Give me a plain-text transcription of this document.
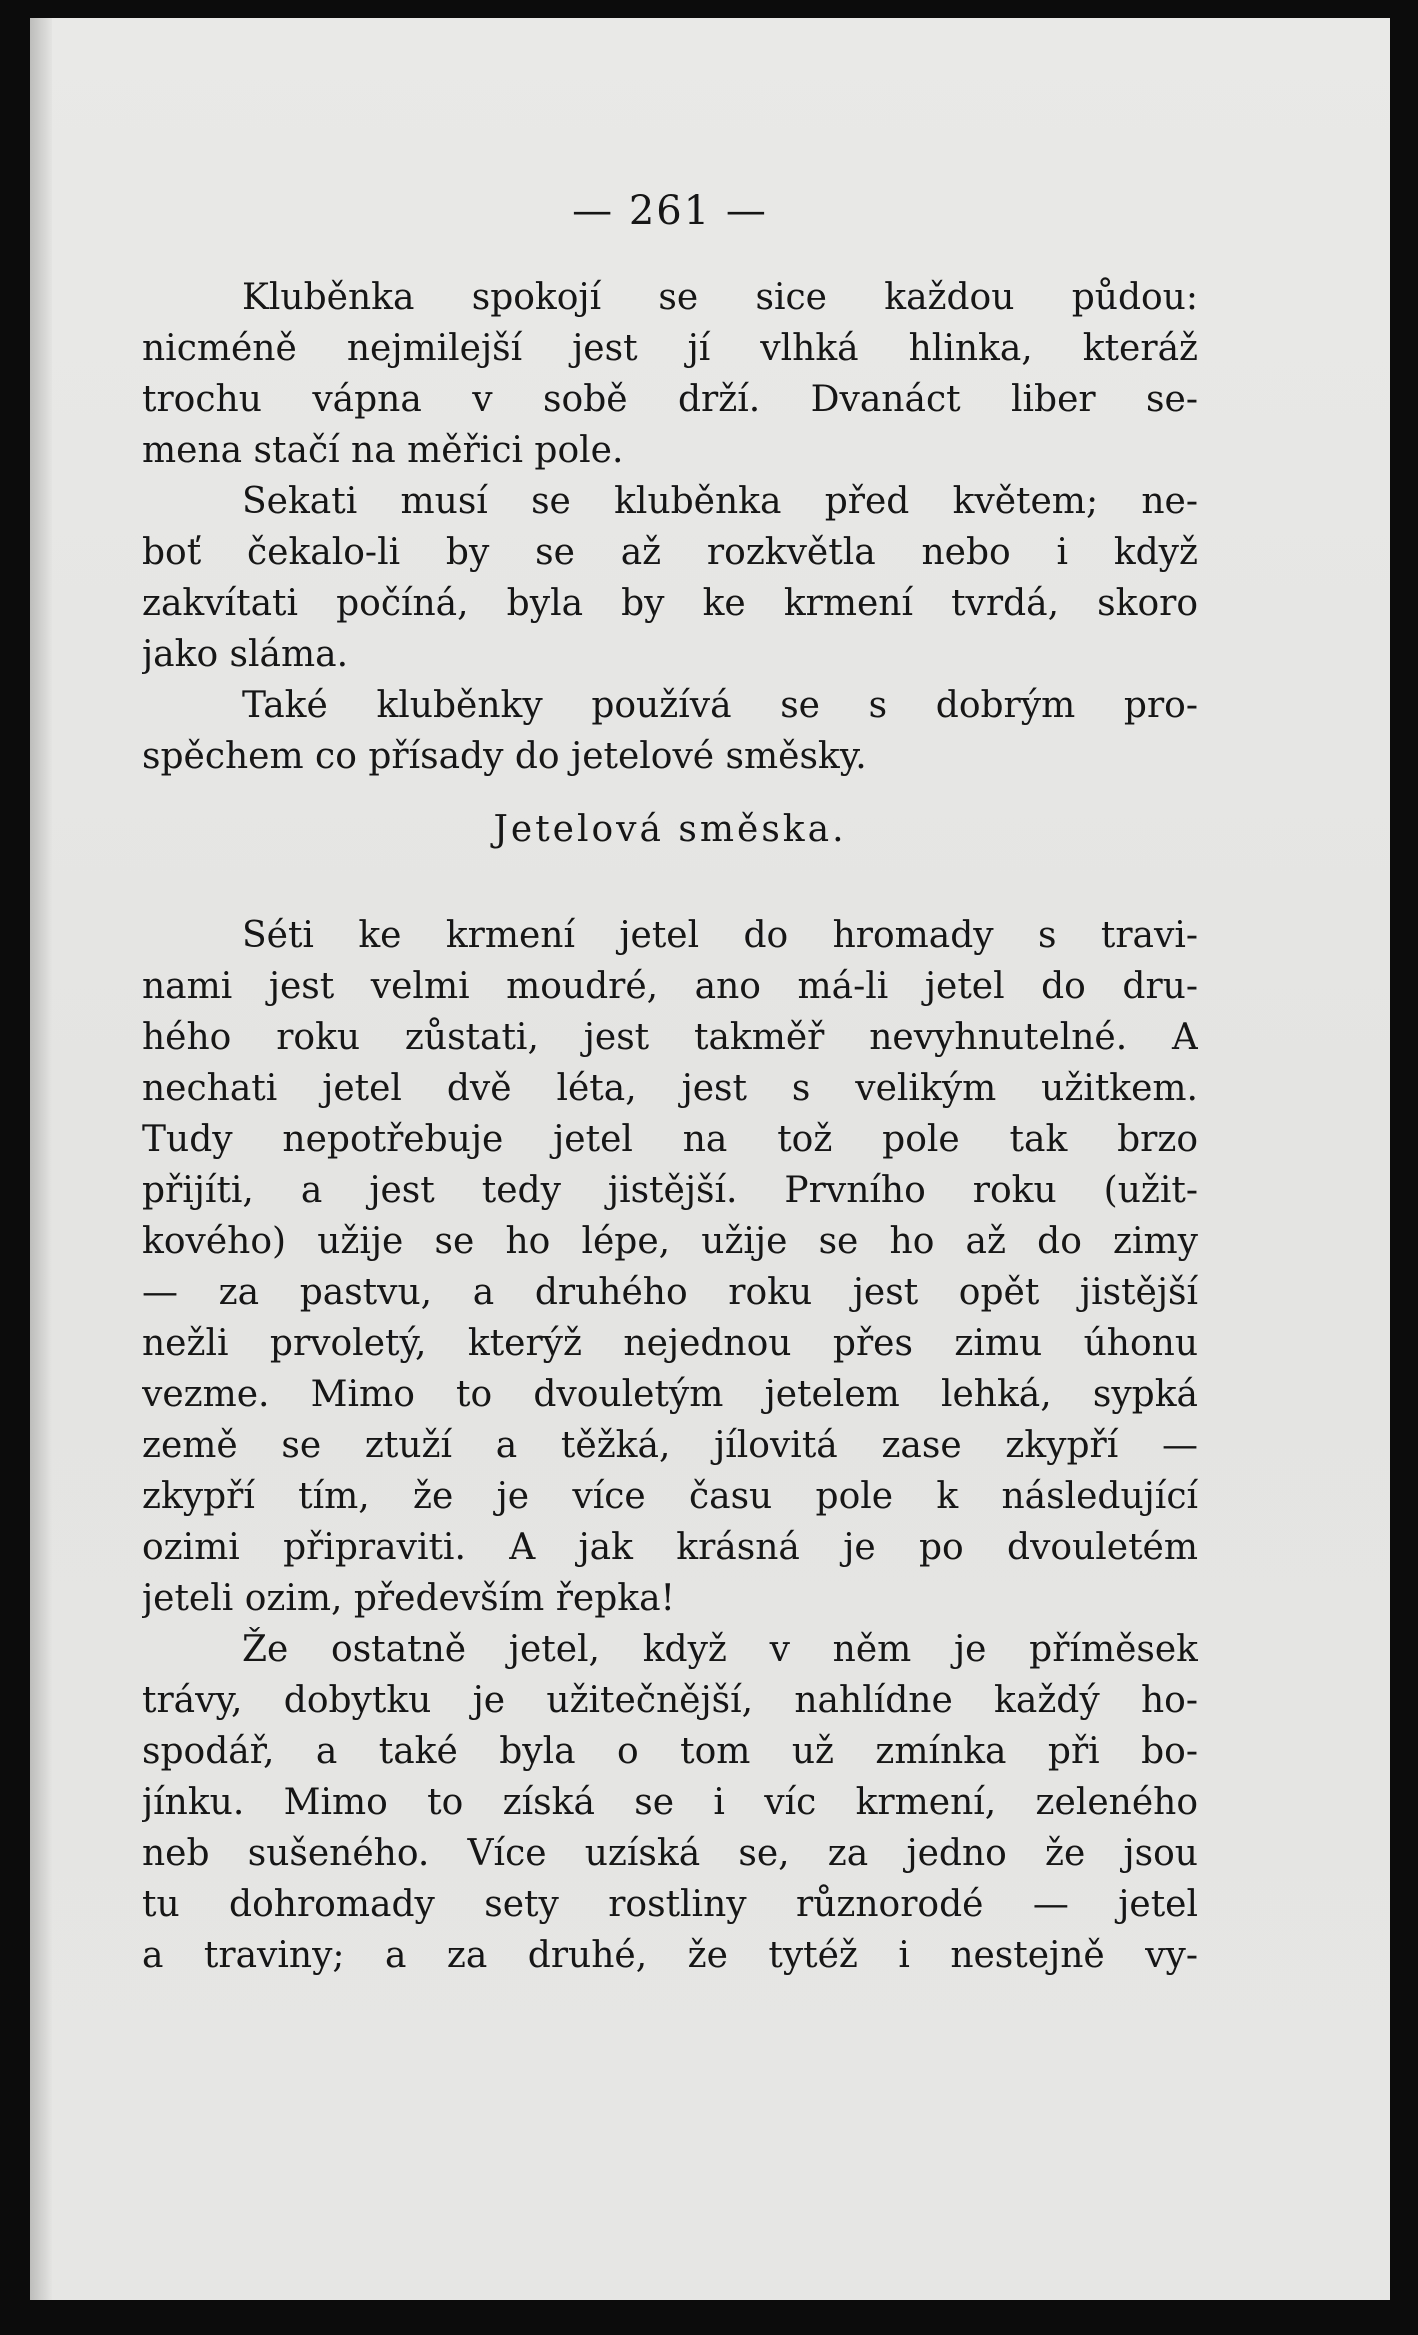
— 261 —
Kluběnka spokojí se sice každou půdou:
nicméně nejmilejší jest jí vlhká hlinka, kteráž
trochu vápna v sobě drží. Dvanáct liber se-
mena stačí na měřici pole.
Sekati musí se kluběnka před květem; ne-
boť čekalo-li by se až rozkvětla nebo i když
zakvítati počíná, byla by ke krmení tvrdá, skoro
jako sláma.
Také kluběnky používá se s dobrým pro-
spěchem co přísady do jetelové směsky.
Jetelová směska.
Séti ke krmení jetel do hromady s travi-
nami jest velmi moudré, ano má-li jetel do dru-
hého roku zůstati, jest takměř nevyhnutelné. A
nechati jetel dvě léta, jest s velikým užitkem.
Tudy nepotřebuje jetel na tož pole tak brzo
přijíti, a jest tedy jistější. Prvního roku (užit-
kového) užije se ho lépe, užije se ho až do zimy
— za pastvu, a druhého roku jest opět jistější
nežli prvoletý, kterýž nejednou přes zimu úhonu
vezme. Mimo to dvouletým jetelem lehká, sypká
země se ztuží a těžká, jílovitá zase zkypří —
zkypří tím, že je více času pole k následující
ozimi připraviti. A jak krásná je po dvouletém
jeteli ozim, především řepka!
Že ostatně jetel, když v něm je příměsek
trávy, dobytku je užitečnější, nahlídne každý ho-
spodář, a také byla o tom už zmínka při bo-
jínku. Mimo to získá se i víc krmení, zeleného
neb sušeného. Více uzíská se, za jedno že jsou
tu dohromady sety rostliny různorodé — jetel
a traviny; a za druhé, že tytéž i nestejně vy-
